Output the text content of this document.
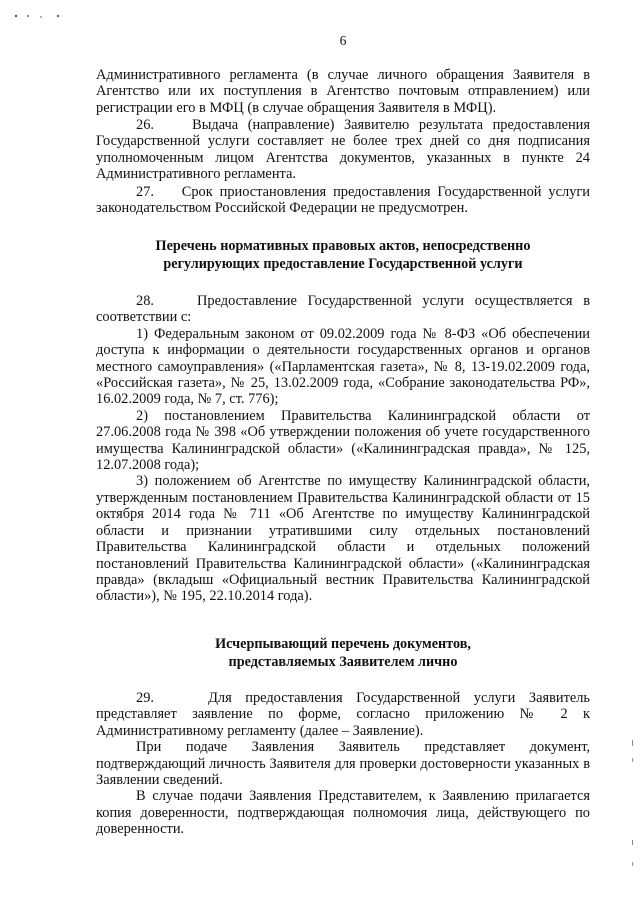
6

Административного регламента (в случае личного обращения Заявителя в Агентство или их поступления в Агентство почтовым отправлением) или регистрации его в МФЦ (в случае обращения Заявителя в МФЦ).

26.    Выдача (направление) Заявителю результата предоставления Государственной услуги составляет не более трех дней со дня подписания уполномоченным лицом Агентства документов, указанных в пункте 24 Административного регламента.

27.    Срок приостановления предоставления Государственной услуги законодательством Российской Федерации не предусмотрен.

Перечень нормативных правовых актов, непосредственно
регулирующих предоставление Государственной услуги

28.    Предоставление Государственной услуги осуществляется в соответствии с:

1) Федеральным законом от 09.02.2009 года № 8-ФЗ «Об обеспечении доступа к информации о деятельности государственных органов и органов местного самоуправления» («Парламентская газета», № 8, 13-19.02.2009 года, «Российская газета», № 25, 13.02.2009 года, «Собрание законодательства РФ», 16.02.2009 года, № 7, ст. 776);

2) постановлением Правительства Калининградской области от 27.06.2008 года № 398 «Об утверждении положения об учете государственного имущества Калининградской области» («Калининградская правда», № 125, 12.07.2008 года);

3) положением об Агентстве по имуществу Калининградской области, утвержденным постановлением Правительства Калининградской области от 15 октября 2014 года № 711 «Об Агентстве по имуществу Калининградской области и признании утратившими силу отдельных постановлений Правительства Калининградской области и отдельных положений постановлений Правительства Калининградской области» («Калининградская правда» (вкладыш «Официальный вестник Правительства Калининградской области»), № 195, 22.10.2014 года).

Исчерпывающий перечень документов,
представляемых Заявителем лично

29.    Для предоставления Государственной услуги Заявитель представляет заявление по форме, согласно приложению № 2 к Административному регламенту (далее – Заявление).

При подаче Заявления Заявитель представляет документ, подтверждающий личность Заявителя для проверки достоверности указанных в Заявлении сведений.

В случае подачи Заявления Представителем, к Заявлению прилагается копия доверенности, подтверждающая полномочия лица, действующего по доверенности.
